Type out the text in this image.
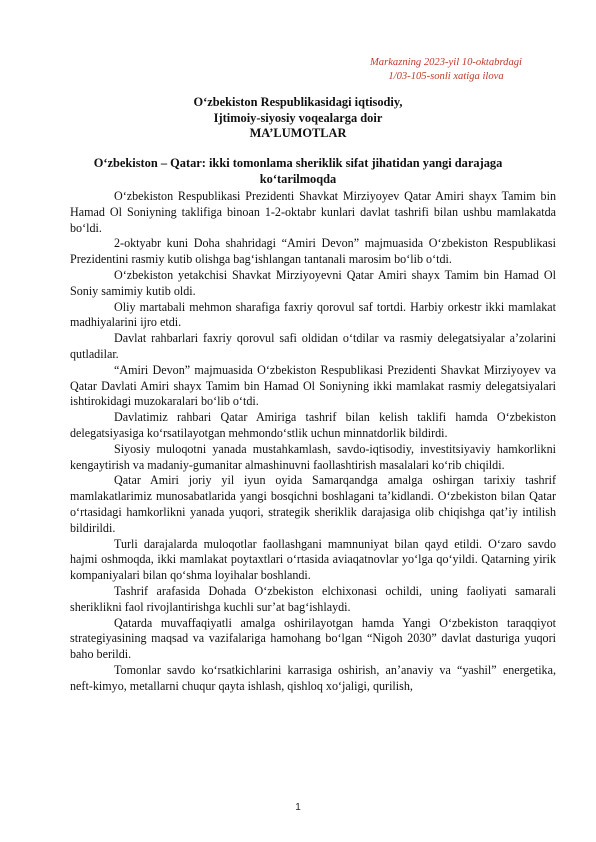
Markazning 2023-yil 10-oktabrdagi
1/03-105-sonli xatiga ilova
O‘zbekiston Respublikasidagi iqtisodiy,
Ijtimoiy-siyosiy voqealarga doir
MA’LUMOTLAR
O‘zbekiston – Qatar: ikki tomonlama sheriklik sifat jihatidan yangi darajaga ko‘tarilmoqda

O‘zbekiston Respublikasi Prezidenti Shavkat Mirziyoyev Qatar Amiri shayx Tamim bin Hamad Ol Soniyning taklifiga binoan 1-2-oktabr kunlari davlat tashrifi bilan ushbu mamlakatda bo‘ldi.

2-oktyabr kuni Doha shahridagi “Amiri Devon” majmuasida O‘zbekiston Respublikasi Prezidentini rasmiy kutib olishga bag‘ishlangan tantanali marosim bo‘lib o‘tdi.

O‘zbekiston yetakchisi Shavkat Mirziyoyevni Qatar Amiri shayx Tamim bin Hamad Ol Soniy samimiy kutib oldi.

Oliy martabali mehmon sharafiga faxriy qorovul saf tortdi. Harbiy orkestr ikki mamlakat madhiyalarini ijro etdi.

Davlat rahbarlari faxriy qorovul safi oldidan o‘tdilar va rasmiy delegatsiyalar a’zolarini qutladilar.

“Amiri Devon” majmuasida O‘zbekiston Respublikasi Prezidenti Shavkat Mirziyoyev va Qatar Davlati Amiri shayx Tamim bin Hamad Ol Soniyning ikki mamlakat rasmiy delegatsiyalari ishtirokidagi muzokaralari bo‘lib o‘tdi.

Davlatimiz rahbari Qatar Amiriga tashrif bilan kelish taklifi hamda O‘zbekiston delegatsiyasiga ko‘rsatilayotgan mehmondo‘stlik uchun minnatdorlik bildirdi.

Siyosiy muloqotni yanada mustahkamlash, savdo-iqtisodiy, investitsiyaviy hamkorlikni kengaytirish va madaniy-gumanitar almashinuvni faollashtirish masalalari ko‘rib chiqildi.

Qatar Amiri joriy yil iyun oyida Samarqandga amalga oshirgan tarixiy tashrif mamlakatlarimiz munosabatlarida yangi bosqichni boshlagani ta’kidlandi. O‘zbekiston bilan Qatar o‘rtasidagi hamkorlikni yanada yuqori, strategik sheriklik darajasiga olib chiqishga qat’iy intilish bildirildi.

Turli darajalarda muloqotlar faollashgani mamnuniyat bilan qayd etildi. O‘zaro savdo hajmi oshmoqda, ikki mamlakat poytaxtlari o‘rtasida aviaqatnovlar yo‘lga qo‘yildi. Qatarning yirik kompaniyalari bilan qo‘shma loyihalar boshlandi.

Tashrif arafasida Dohada O‘zbekiston elchixonasi ochildi, uning faoliyati samarali sheriklikni faol rivojlantirishga kuchli sur’at bag‘ishlaydi.

Qatarda muvaffaqiyatli amalga oshirilayotgan hamda Yangi O‘zbekiston taraqqiyot strategiyasining maqsad va vazifalariga hamohang bo‘lgan “Nigoh 2030” davlat dasturiga yuqori baho berildi.

Tomonlar savdo ko‘rsatkichlarini karrasiga oshirish, an’anaviy va “yashil” energetika, neft-kimyo, metallarni chuqur qayta ishlash, qishloq xo‘jaligi, qurilish,

1
